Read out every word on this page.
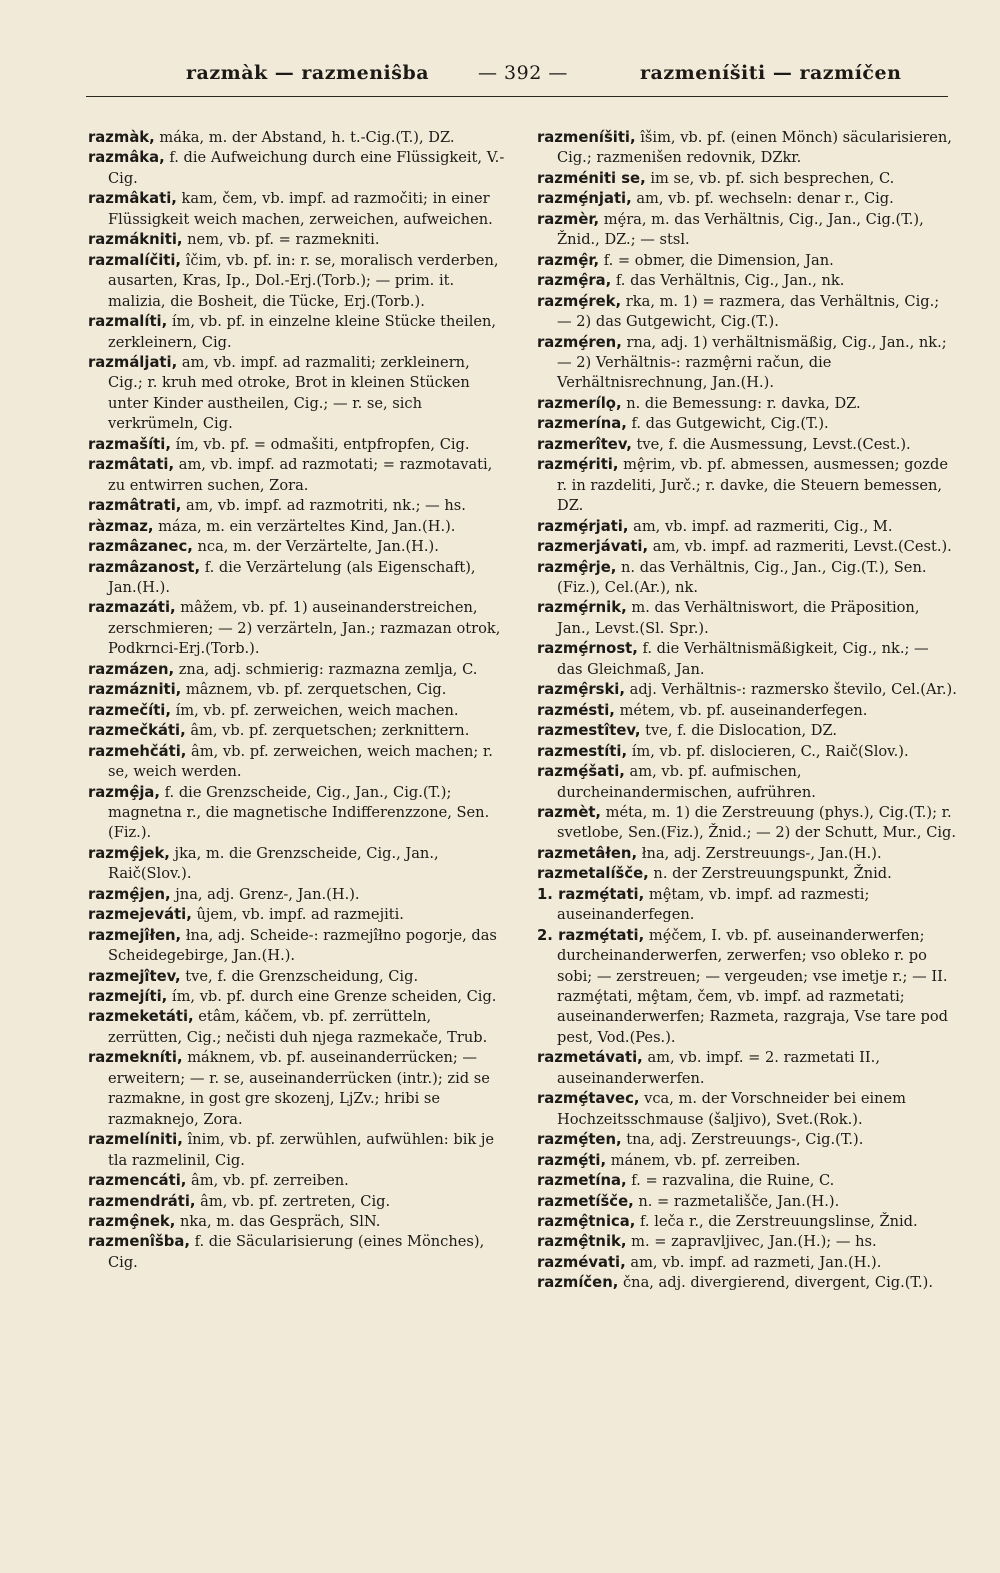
razmàk — razmeniŝba	— 392 —	razmeníšiti — razmíčen

razmàk, máka, m. der Abstand, h. t.-Cig.(T.), DZ.

razmâka, f. die Aufweichung durch eine Flüssigkeit, V.-Cig.

razmâkati, kam, čem, vb. impf. ad razmočiti; in einer Flüssigkeit weich machen, zerweichen, aufweichen.

razmákniti, nem, vb. pf. = razmekniti.

razmalíčiti, îčim, vb. pf. in: r. se, moralisch verderben, ausarten, Kras, Ip., Dol.-Erj.(Torb.); — prim. it. malizia, die Bosheit, die Tücke, Erj.(Torb.).

razmalíti, ím, vb. pf. in einzelne kleine Stücke theilen, zerkleinern, Cig.

razmáljati, am, vb. impf. ad razmaliti; zerkleinern, Cig.; r. kruh med otroke, Brot in kleinen Stücken unter Kinder austheilen, Cig.; — r. se, sich verkrümeln, Cig.

razmašíti, ím, vb. pf. = odmašiti, entpfropfen, Cig.

razmâtati, am, vb. impf. ad razmotati; = razmotavati, zu entwirren suchen, Zora.

razmâtrati, am, vb. impf. ad razmotriti, nk.; — hs.

ràzmaz, máza, m. ein verzärteltes Kind, Jan.(H.).

razmâzanec, nca, m. der Verzärtelte, Jan.(H.).

razmâzanost, f. die Verzärtelung (als Eigenschaft), Jan.(H.).

razmazáti, mâžem, vb. pf. 1) auseinanderstreichen, zerschmieren; — 2) verzärteln, Jan.; razmazan otrok, Podkrnci-Erj.(Torb.).

razmázen, zna, adj. schmierig: razmazna zemlja, C.

razmázniti, mâznem, vb. pf. zerquetschen, Cig.

razmečíti, ím, vb. pf. zerweichen, weich machen.

razmečkáti, âm, vb. pf. zerquetschen; zerknittern.

razmehčáti, âm, vb. pf. zerweichen, weich machen; r. se, weich werden.

razmȩ̂ja, f. die Grenzscheide, Cig., Jan., Cig.(T.); magnetna r., die magnetische Indifferenzzone, Sen.(Fiz.).

razmȩ̂jek, jka, m. die Grenzscheide, Cig., Jan., Raič(Slov.).

razmȩ̂jen, jna, adj. Grenz-, Jan.(H.).

razmejeváti, ûjem, vb. impf. ad razmejiti.

razmejîłen, łna, adj. Scheide-: razmejîłno pogorje, das Scheidegebirge, Jan.(H.).

razmejîtev, tve, f. die Grenzscheidung, Cig.

razmejíti, ím, vb. pf. durch eine Grenze scheiden, Cig.

razmeketáti, etâm, káčem, vb. pf. zerrütteln, zerrütten, Cig.; nečisti duh njega razmekače, Trub.

razmekníti, máknem, vb. pf. auseinanderrücken; — erweitern; — r. se, auseinanderrücken (intr.); zid se razmakne, in gost gre skozenj, LjZv.; hribi se razmaknejo, Zora.

razmelíniti, înim, vb. pf. zerwühlen, aufwühlen: bik je tla razmelinil, Cig.

razmencáti, âm, vb. pf. zerreiben.

razmendráti, âm, vb. pf. zertreten, Cig.

razmȩ̂nek, nka, m. das Gespräch, SlN.

razmenîšba, f. die Säcularisierung (eines Mönches), Cig.

razmeníšiti, îšim, vb. pf. (einen Mönch) säcularisieren, Cig.; razmenišen redovnik, DZkr.

razméniti se, im se, vb. pf. sich besprechen, C.

razmȩ́njati, am, vb. pf. wechseln: denar r., Cig.

razmèr, mȩ́ra, m. das Verhältnis, Cig., Jan., Cig.(T.), Žnid., DZ.; — stsl.

razmȩ̂r, f. = obmer, die Dimension, Jan.

razmȩ̂ra, f. das Verhältnis, Cig., Jan., nk.

razmȩ́rek, rka, m. 1) = razmera, das Verhältnis, Cig.; — 2) das Gutgewicht, Cig.(T.).

razmȩ́ren, rna, adj. 1) verhältnismäßig, Cig., Jan., nk.; — 2) Verhältnis-: razmȩ̂rni račun, die Verhältnisrechnung, Jan.(H.).

razmerílǫ, n. die Bemessung: r. davka, DZ.

razmerína, f. das Gutgewicht, Cig.(T.).

razmerîtev, tve, f. die Ausmessung, Levst.(Cest.).

razmȩ́riti, mȩ̂rim, vb. pf. abmessen, ausmessen; gozde r. in razdeliti, Jurč.; r. davke, die Steuern bemessen, DZ.

razmȩ́rjati, am, vb. impf. ad razmeriti, Cig., M.

razmerjávati, am, vb. impf. ad razmeriti, Levst.(Cest.).

razmȩ̂rje, n. das Verhältnis, Cig., Jan., Cig.(T.), Sen.(Fiz.), Cel.(Ar.), nk.

razmȩ́rnik, m. das Verhältniswort, die Präposition, Jan., Levst.(Sl. Spr.).

razmȩ́rnost, f. die Verhältnismäßigkeit, Cig., nk.; — das Gleichmaß, Jan.

razmȩ̂rski, adj. Verhältnis-: razmersko število, Cel.(Ar.).

razmésti, métem, vb. pf. auseinanderfegen.

razmestîtev, tve, f. die Dislocation, DZ.

razmestíti, ím, vb. pf. dislocieren, C., Raič(Slov.).

razmȩ́šati, am, vb. pf. aufmischen, durcheinandermischen, aufrühren.

razmèt, méta, m. 1) die Zerstreuung (phys.), Cig.(T.); r. svetlobe, Sen.(Fiz.), Žnid.; — 2) der Schutt, Mur., Cig.

razmetâłen, łna, adj. Zerstreuungs-, Jan.(H.).

razmetalíšče, n. der Zerstreuungspunkt, Žnid.

1. razmȩ́tati, mȩ̂tam, vb. impf. ad razmesti; auseinanderfegen.

2. razmȩ́tati, mȩ́čem, I. vb. pf. auseinanderwerfen; durcheinanderwerfen, zerwerfen; vso obleko r. po sobi; — zerstreuen; — vergeuden; vse imetje r.; — II. razmȩ́tati, mȩ̂tam, čem, vb. impf. ad razmetati; auseinanderwerfen; Razmeta, razgraja, Vse tare pod pest, Vod.(Pes.).

razmetávati, am, vb. impf. = 2. razmetati II., auseinanderwerfen.

razmȩ́tavec, vca, m. der Vorschneider bei einem Hochzeitsschmause (šaljivo), Svet.(Rok.).

razmȩ́ten, tna, adj. Zerstreuungs-, Cig.(T.).

razmȩ́ti, mánem, vb. pf. zerreiben.

razmetína, f. = razvalina, die Ruine, C.

razmetíšče, n. = razmetališče, Jan.(H.).

razmȩ̂tnica, f. leča r., die Zerstreuungslinse, Žnid.

razmȩ̂tnik, m. = zapravljivec, Jan.(H.); — hs.

razmévati, am, vb. impf. ad razmeti, Jan.(H.).

razmíčen, čna, adj. divergierend, divergent, Cig.(T.).
